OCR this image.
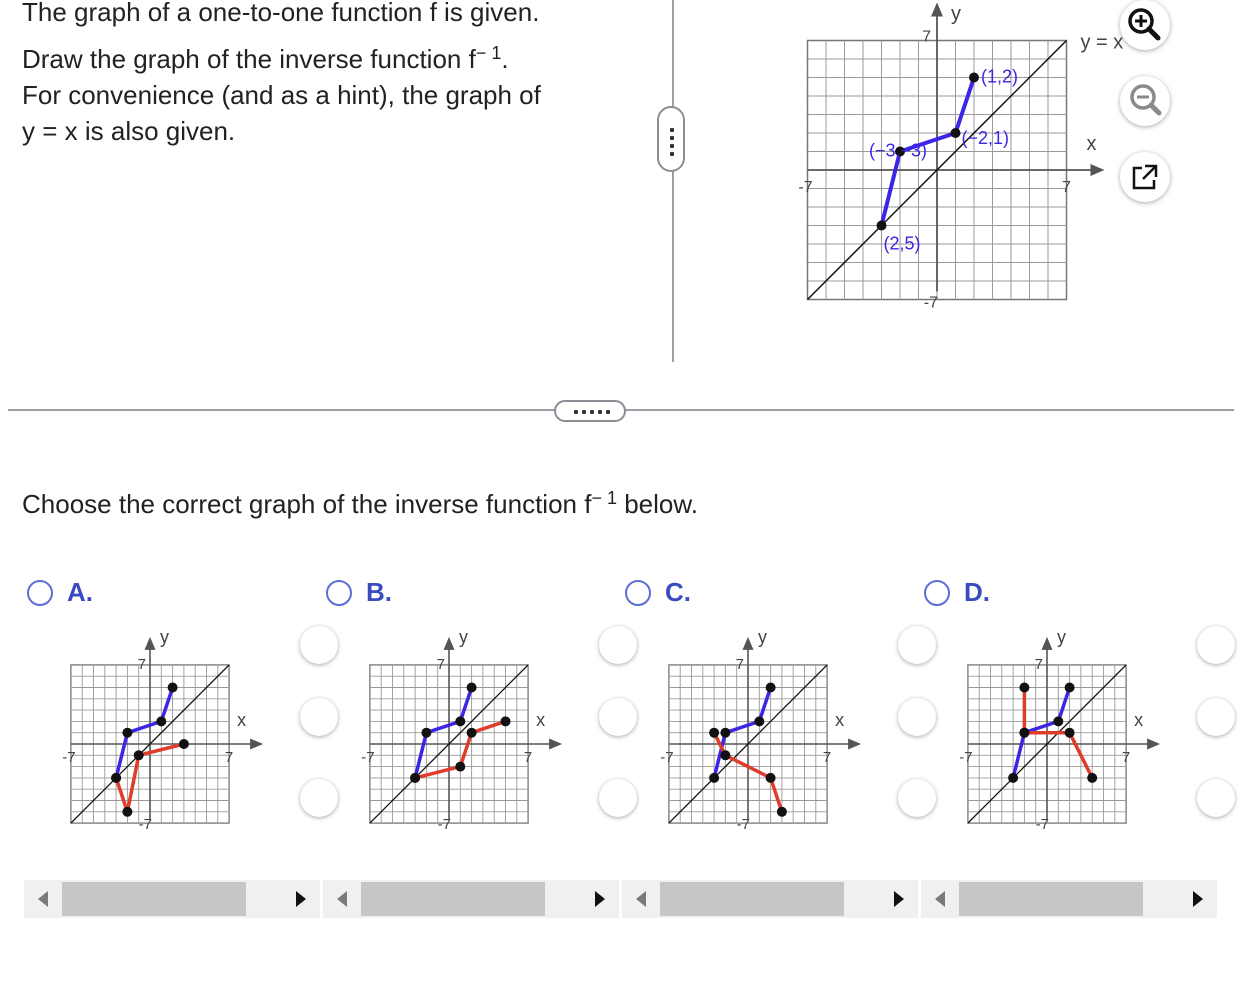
The graph of a one-to-one function f is given.
Draw the graph of the inverse function $f^{- 1}$.
For convenience (and as a hint), the graph of
y = x is also given.	(−2,1)
(1,2)
(2,5)
(−3,−3)
y
x
y = x
7
-7
-7	7
Choose the correct graph of the inverse function $f^{- 1}$ below.
A.
y
x
7
-7
-7	7
B.
y
x
7
-7
-7	7
C.
y
x
7
-7
-7	7
D.
y
x
7
-7
-7	7
